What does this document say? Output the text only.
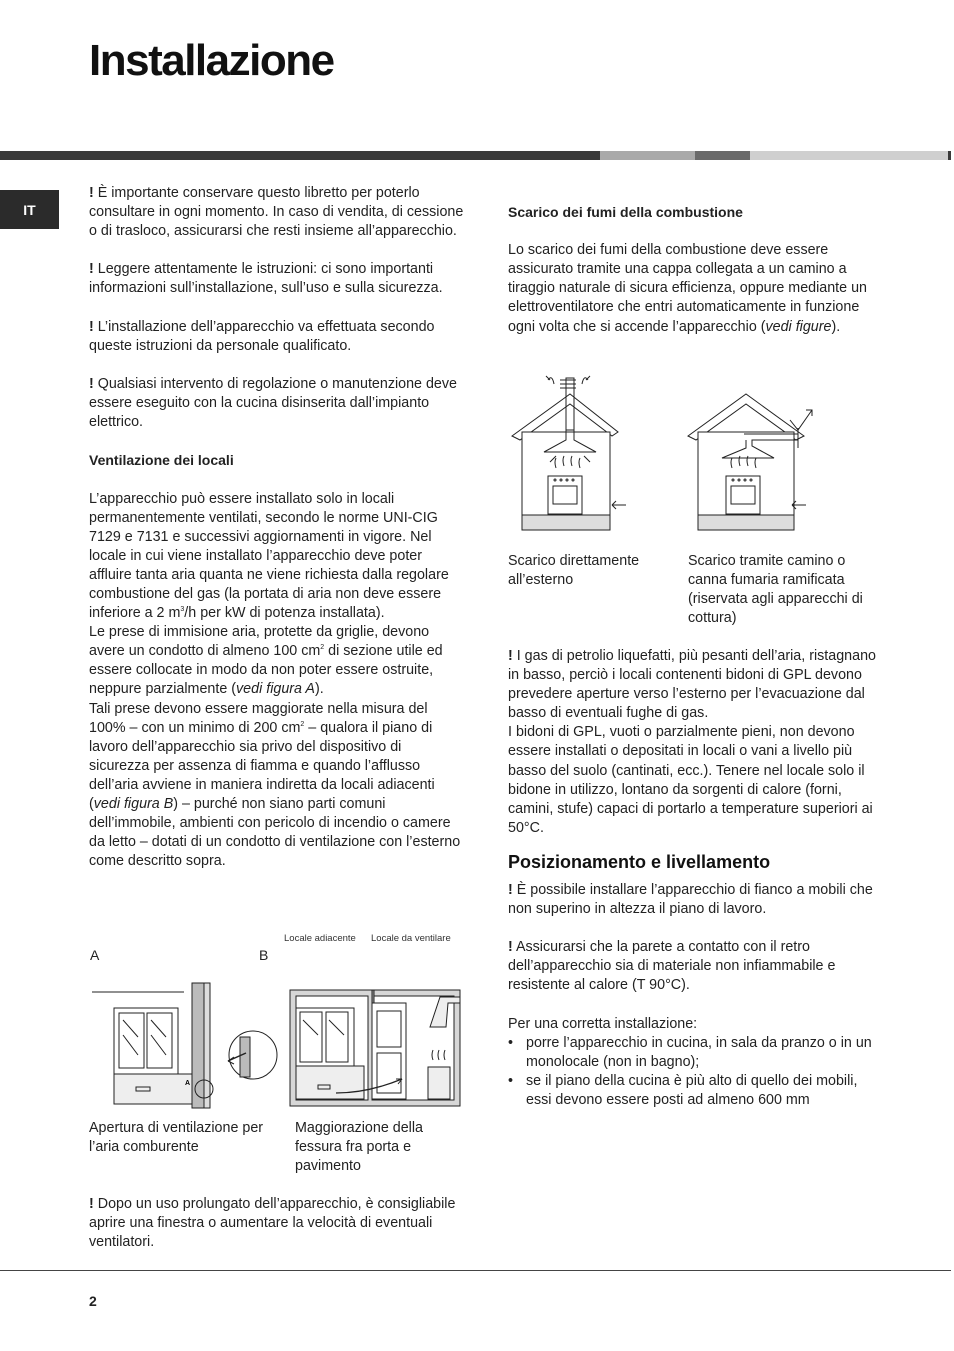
Installazione
IT

! È importante conservare questo libretto per poterlo consultare in ogni momento. In caso di vendita, di cessione o di trasloco, assicurarsi che resti insieme all’apparecchio.

! Leggere attentamente le istruzioni: ci sono importanti informazioni sull’installazione, sull’uso e sulla sicurezza.

! L’installazione dell’apparecchio va effettuata secondo queste istruzioni da personale qualificato.

! Qualsiasi intervento di regolazione o manutenzione deve essere eseguito con la cucina disinserita dall’impianto elettrico.

Ventilazione dei locali

L’apparecchio può essere installato solo in locali permanentemente ventilati, secondo le norme UNI-CIG 7129 e 7131 e successivi aggiornamenti in vigore. Nel locale in cui viene installato l’apparecchio deve poter affluire tanta aria quanta ne viene richiesta dalla regolare combustione del gas (la portata di aria non deve essere inferiore a 2 $m^3/h$ per kW di potenza installata).

Le prese di immisione aria, protette da griglie, devono avere un condotto di almeno 100 $cm^2$ di sezione utile ed essere collocate in modo da non poter essere ostruite, neppure parzialmente (vedi figura A).

Tali prese devono essere maggiorate nella misura del 100% – con un minimo di 200 $cm^2$ – qualora il piano di lavoro dell’apparecchio sia privo del dispositivo di sicurezza per assenza di fiamma e quando l’afflusso dell’aria avviene in maniera indiretta da locali adiacenti (vedi figura B) – purché non siano parti comuni dell’immobile, ambienti con pericolo di incendio o camere da letto – dotati di un condotto di ventilazione con l’esterno come descritto sopra.

Locale adiacente Locale da ventilare
A	B
A
Apertura di ventilazione per l’aria comburente
Maggiorazione della fessura fra porta e pavimento

! Dopo un uso prolungato dell’apparecchio, è consigliabile aprire una finestra o aumentare la velocità di eventuali ventilatori.

Scarico dei fumi della combustione

Lo scarico dei fumi della combustione deve essere assicurato tramite una cappa collegata a un camino a tiraggio naturale di sicura efficienza, oppure mediante un elettroventilatore che entri automaticamente in funzione ogni volta che si accende l’apparecchio (vedi figure).

Scarico direttamente all’esterno
Scarico tramite camino o canna fumaria ramificata (riservata agli apparecchi di cottura)

! I gas di petrolio liquefatti, più pesanti dell’aria, ristagnano in basso, perciò i locali contenenti bidoni di GPL devono prevedere aperture verso l’esterno per l’evacuazione dal basso di eventuali fughe di gas.

I bidoni di GPL, vuoti o parzialmente pieni, non devono essere installati o depositati in locali o vani a livello più basso del suolo (cantinati, ecc.). Tenere nel locale solo il bidone in utilizzo, lontano da sorgenti di calore (forni, camini, stufe) capaci di portarlo a temperature superiori ai 50°C.

Posizionamento e livellamento

! È possibile installare l’apparecchio di fianco a mobili che non superino in altezza il piano di lavoro.

! Assicurarsi che la parete a contatto con il retro dell’apparecchio sia di materiale non infiammabile e resistente al calore (T 90°C).

Per una corretta installazione:

• porre l’apparecchio in cucina, in sala da pranzo o in un monolocale (non in bagno);
• se il piano della cucina è più alto di quello dei mobili, essi devono essere posti ad almeno 600 mm
2
